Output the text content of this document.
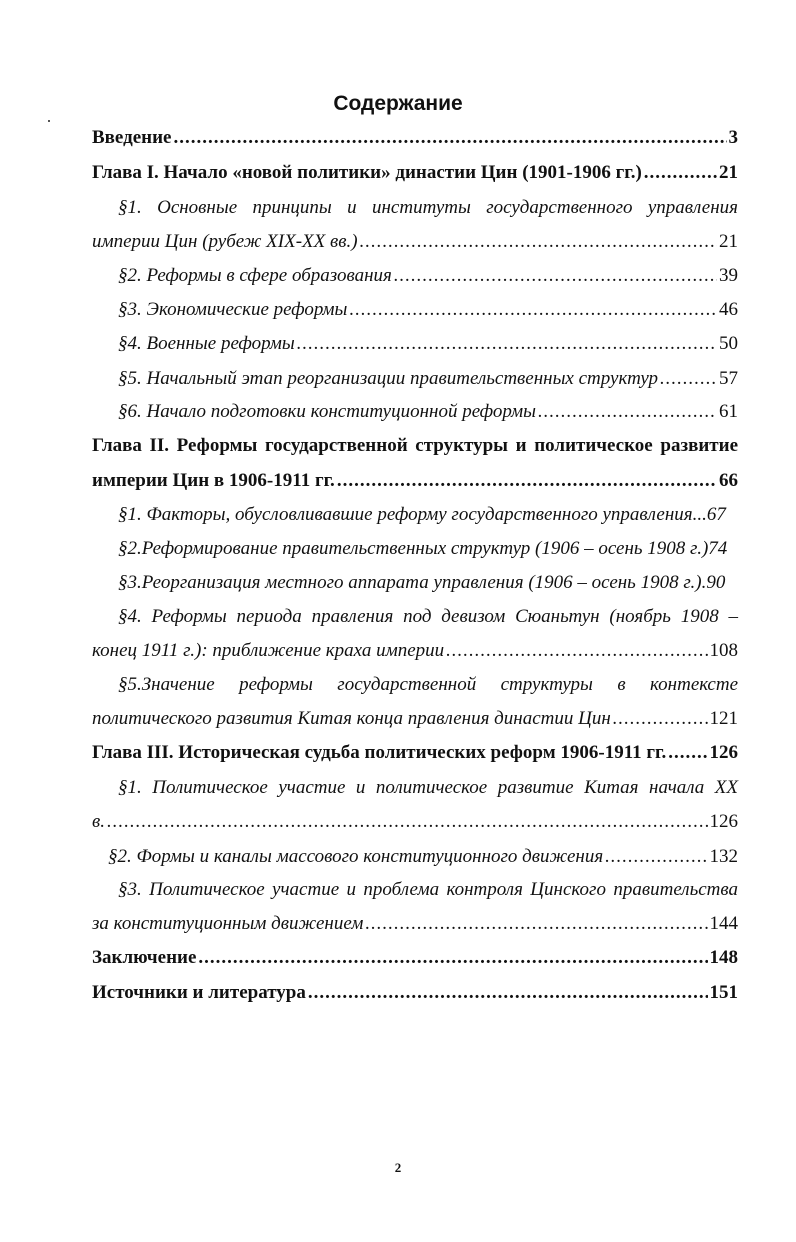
Содержание
Введение .....	3
Глава I. Начало «новой политики» династии Цин (1901-1906 гг.) .....	21
§1. Основные принципы и институты государственного управления
империи Цин (рубеж XIX-XX вв.) .....	21
§2. Реформы в сфере образования .....	39
§3. Экономические реформы .....	46
§4. Военные реформы .....	50
§5. Начальный этап реорганизации правительственных структур .....	57
§6. Начало подготовки конституционной реформы .....	61
Глава II. Реформы государственной структуры и политическое развитие
империи Цин в 1906-1911 гг. .....	66
§1. Факторы, обусловливавшие реформу государственного управления...67
§2.Реформирование правительственных структур (1906 – осень 1908 г.)74
§3.Реорганизация местного аппарата управления (1906 – осень 1908 г.).90
§4. Реформы периода правления под девизом Сюаньтун (ноябрь 1908 –
конец 1911 г.): приближение краха империи .....	108
§5.Значение реформы государственной структуры в контексте
политического развития Китая конца правления династии Цин .....	121
Глава III. Историческая судьба политических реформ 1906-1911 гг. ..... 126
§1. Политическое участие и политическое развитие Китая начала XX
в. .....	126
§2. Формы и каналы массового конституционного движения .....	132
§3. Политическое участие и проблема контроля Цинского правительства
за конституционным движением .....	144
Заключение .....	148
Источники и литература .....	151
2
